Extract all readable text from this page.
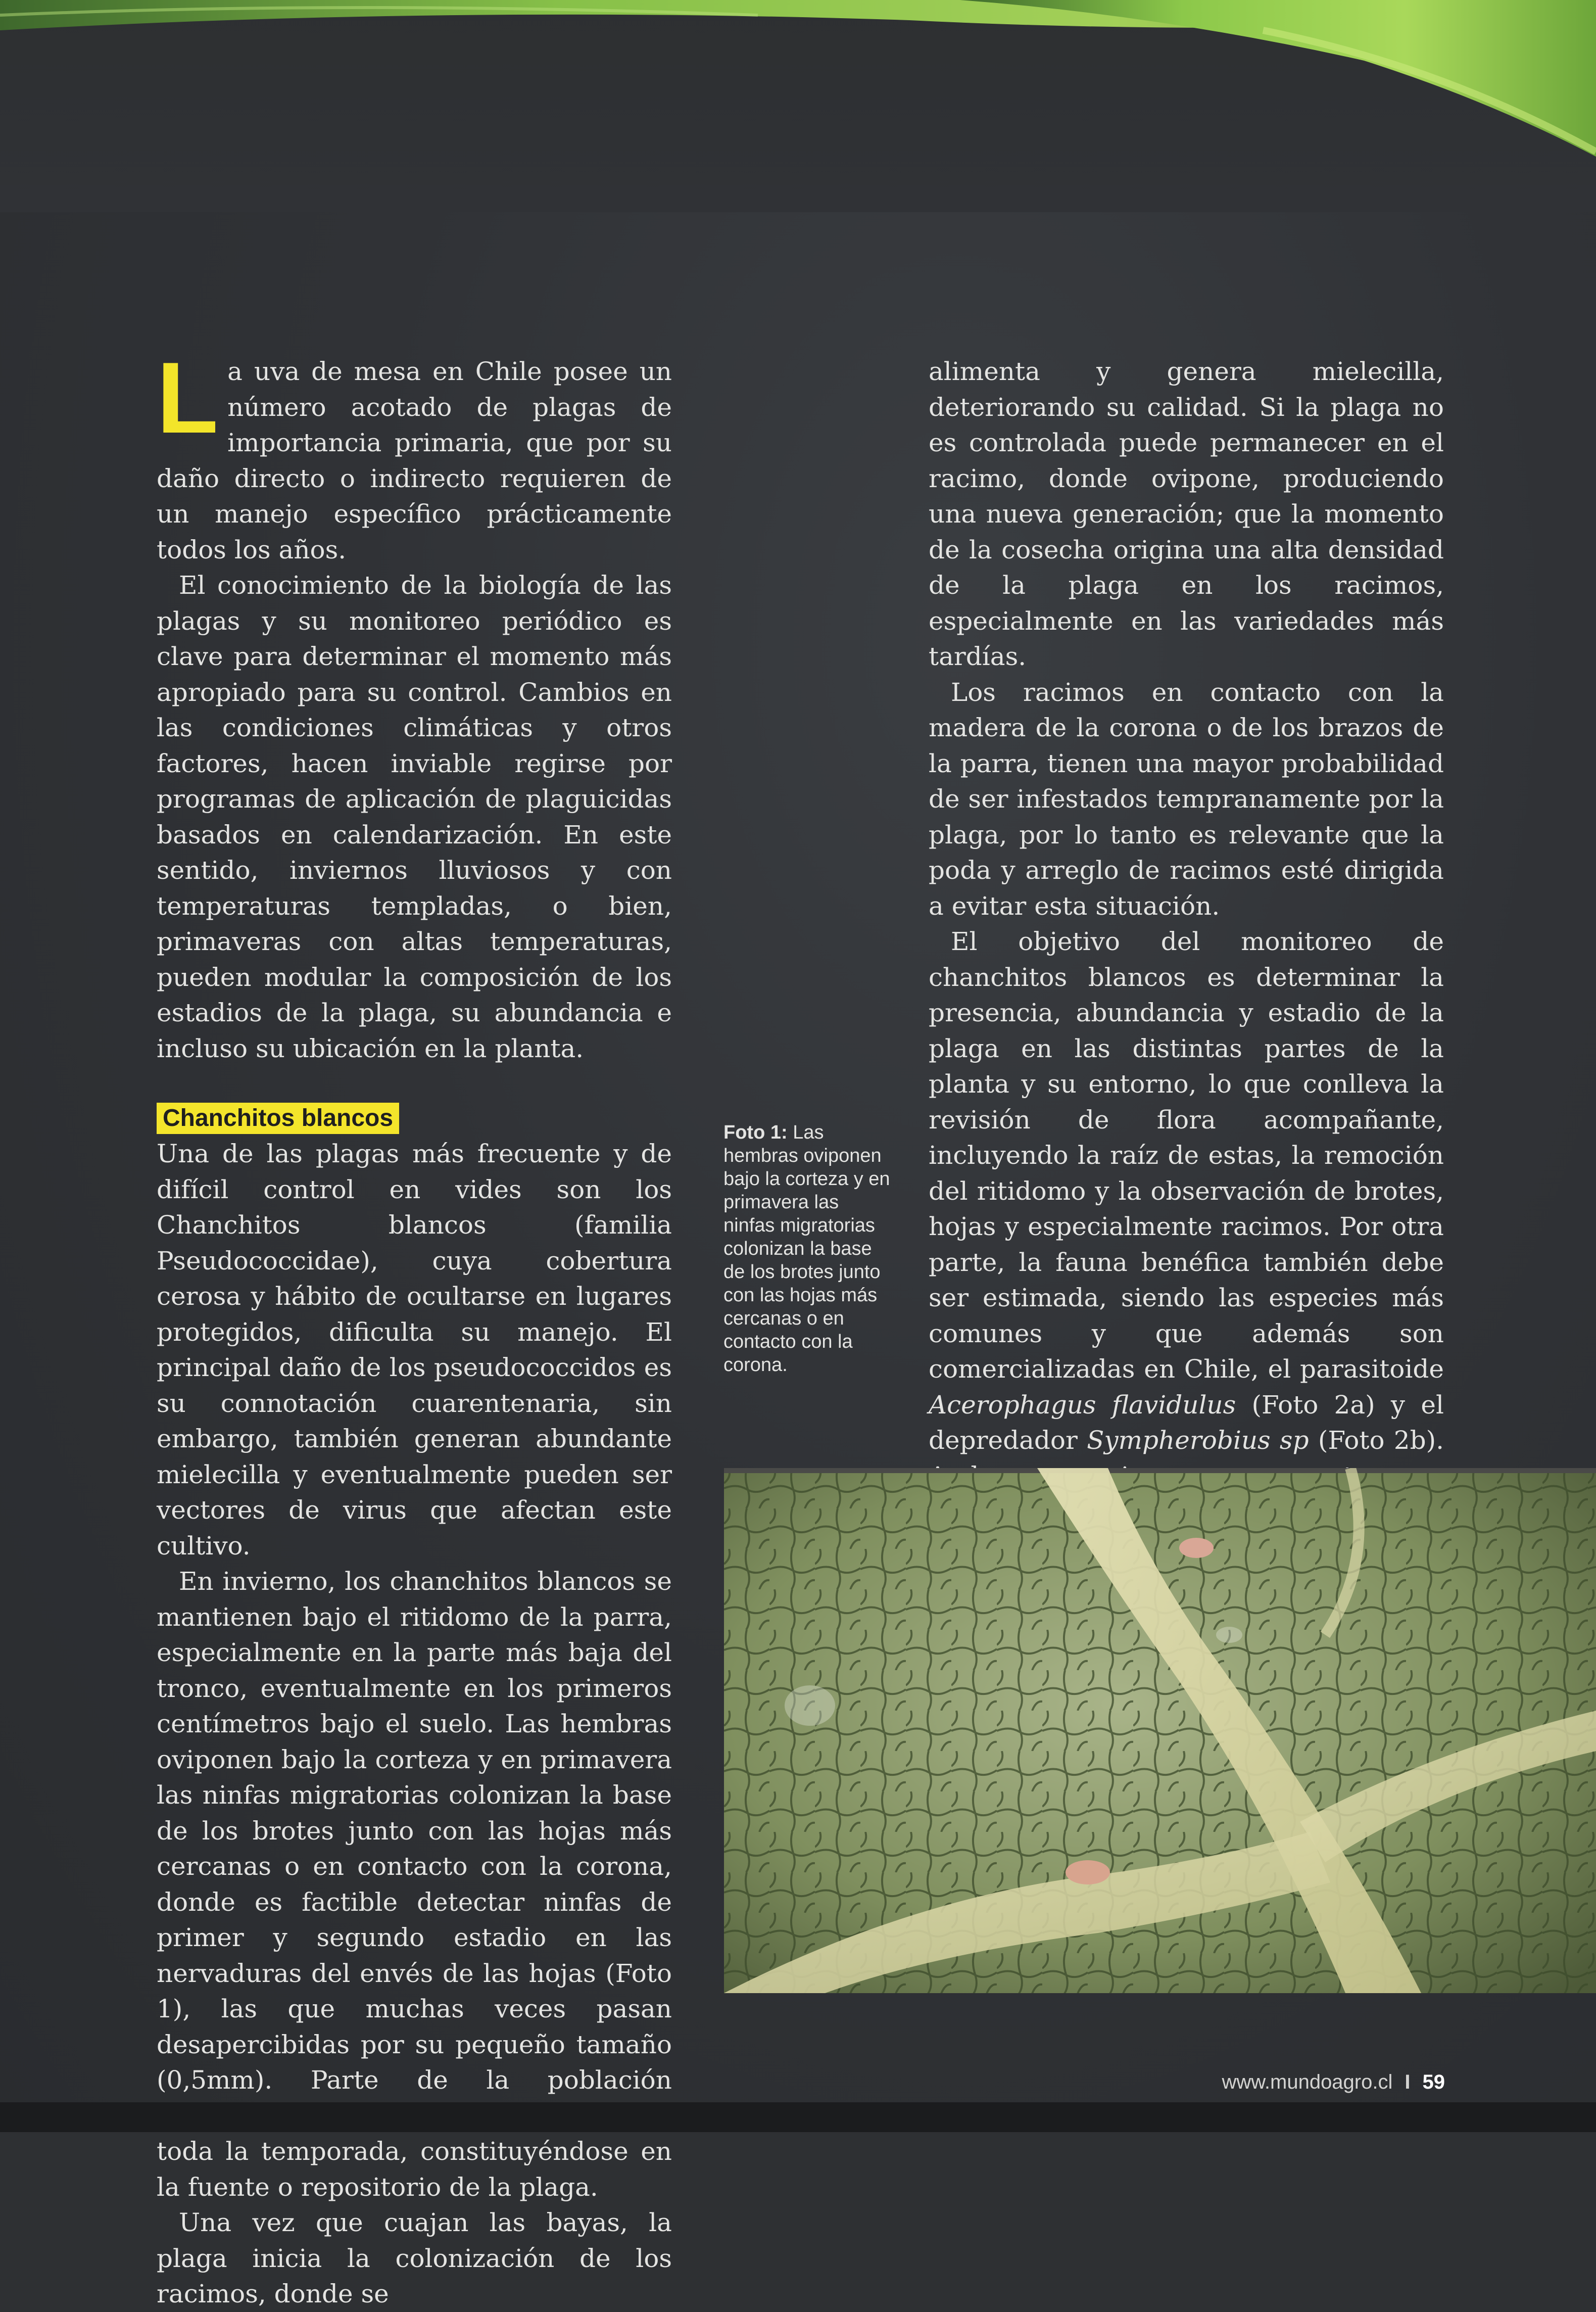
La uva de mesa en Chile posee un número acotado de plagas de importancia primaria, que por su daño directo o indirecto requieren de un manejo específico prácticamente todos los años.

El conocimiento de la biología de las plagas y su monitoreo periódico es clave para determinar el momento más apropiado para su control. Cambios en las condiciones climáticas y otros factores, hacen inviable regirse por programas de aplicación de plaguicidas basados en calendarización. En este sentido, inviernos lluviosos y con temperaturas templadas, o bien, primaveras con altas temperaturas, pueden modular la composición de los estadios de la plaga, su abundancia e incluso su ubicación en la planta.

Chanchitos blancos

Una de las plagas más frecuente y de difícil control en vides son los Chanchitos blancos (familia Pseudococcidae), cuya cobertura cerosa y hábito de ocultarse en lugares protegidos, dificulta su manejo. El principal daño de los pseudococcidos es su connotación cuarentenaria, sin embargo, también generan abundante mielecilla y eventualmente pueden ser vectores de virus que afectan este cultivo.

En invierno, los chanchitos blancos se mantienen bajo el ritidomo de la parra, especialmente en la parte más baja del tronco, eventualmente en los primeros centímetros bajo el suelo. Las hembras oviponen bajo la corteza y en primavera las ninfas migratorias colonizan la base de los brotes junto con las hojas más cercanas o en contacto con la corona, donde es factible detectar ninfas de primer y segundo estadio en las nervaduras del envés de las hojas (Foto 1), las que muchas veces pasan desapercibidas por su pequeño tamaño (0,5mm). Parte de la población toda la temporada, constituyéndose en la fuente o repositorio de la plaga.

Una vez que cuajan las bayas, la plaga inicia la colonización de los racimos, donde se

alimenta y genera mielecilla, deteriorando su calidad. Si la plaga no es controlada puede permanecer en el racimo, donde ovipone, produciendo una nueva generación; que la momento de la cosecha origina una alta densidad de la plaga en los racimos, especialmente en las variedades más tardías.

Los racimos en contacto con la madera de la corona o de los brazos de la parra, tienen una mayor probabilidad de ser infestados tempranamente por la plaga, por lo tanto es relevante que la poda y arreglo de racimos esté dirigida a evitar esta situación.

El objetivo del monitoreo de chanchitos blancos es determinar la presencia, abundancia y estadio de la plaga en las distintas partes de la planta y su entorno, lo que conlleva la revisión de flora acompañante, incluyendo la raíz de estas, la remoción del ritidomo y la observación de brotes, hojas y especialmente racimos. Por otra parte, la fauna benéfica también debe ser estimada, siendo las especies más comunes y que además son comercializadas en Chile, el parasitoide Acerophagus flavidulus (Foto 2a) y el depredador Sympherobius sp (Foto 2b).

Foto 1: Las hembras oviponen bajo la corteza y en primavera las ninfas migratorias colonizan la base de los brotes junto con las hojas más cercanas o en contacto con la corona.
www.mundoagro.cl I 59
